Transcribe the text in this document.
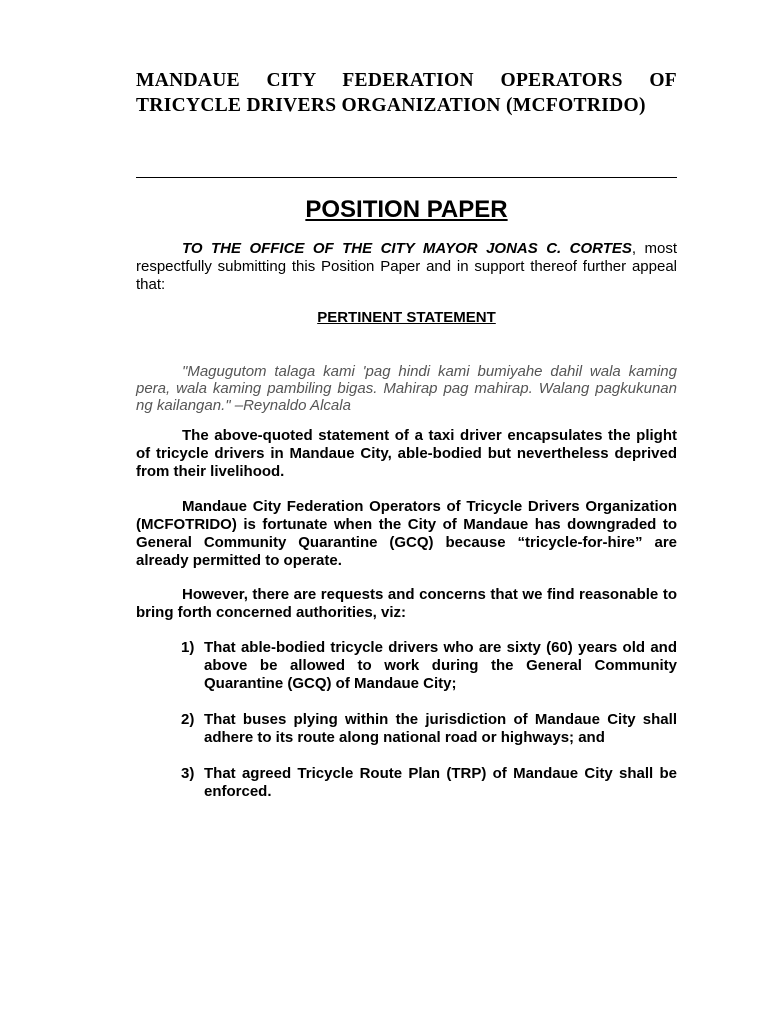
MANDAUE CITY FEDERATION OPERATORS OF TRICYCLE DRIVERS ORGANIZATION (MCFOTRIDO)
POSITION PAPER

TO THE OFFICE OF THE CITY MAYOR JONAS C. CORTES, most respectfully submitting this Position Paper and in support thereof further appeal that:

PERTINENT STATEMENT

"Magugutom talaga kami 'pag hindi kami bumiyahe dahil wala kaming pera, wala kaming pambiling bigas. Mahirap pag mahirap. Walang pagkukunan ng kailangan." –Reynaldo Alcala

The above-quoted statement of a taxi driver encapsulates the plight of tricycle drivers in Mandaue City, able-bodied but nevertheless deprived from their livelihood.

Mandaue City Federation Operators of Tricycle Drivers Organization (MCFOTRIDO) is fortunate when the City of Mandaue has downgraded to General Community Quarantine (GCQ) because “tricycle-for-hire” are already permitted to operate.

However, there are requests and concerns that we find reasonable to bring forth concerned authorities, viz:

1) That able-bodied tricycle drivers who are sixty (60) years old and above be allowed to work during the General Community Quarantine (GCQ) of Mandaue City;
2) That buses plying within the jurisdiction of Mandaue City shall adhere to its route along national road or highways; and
3) That agreed Tricycle Route Plan (TRP) of Mandaue City shall be enforced.
